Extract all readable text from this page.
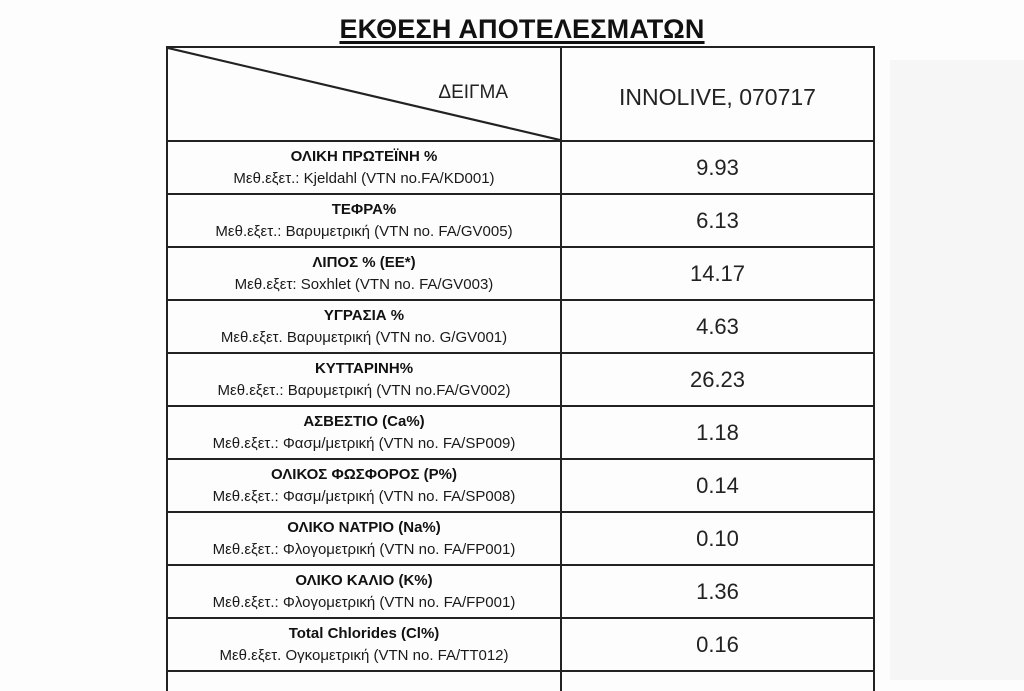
ΕΚΘΕΣΗ ΑΠΟΤΕΛΕΣΜΑΤΩΝ
ΔΕΙΓΜΑ	INNOLIVE, 070717

ΟΛΙΚΗ ΠΡΩΤΕΪΝΗ %
Μεθ.εξετ.: Kjeldahl (VTN no.FA/KD001)	9.93

ΤΕΦΡΑ%
Μεθ.εξετ.: Βαρυμετρική (VTN no. FA/GV005)	6.13

ΛΙΠΟΣ % (ΕΕ*)
Μεθ.εξετ: Soxhlet (VTN no. FA/GV003)	14.17

ΥΓΡΑΣΙΑ %
Μεθ.εξετ. Βαρυμετρική (VTN no. G/GV001)	4.63

ΚΥΤΤΑΡΙΝΗ%
Μεθ.εξετ.: Βαρυμετρική (VTN no.FA/GV002)	26.23

ΑΣΒΕΣΤΙΟ (Ca%)
Μεθ.εξετ.: Φασμ/μετρική (VTN no. FA/SP009)	1.18

ΟΛΙΚΟΣ ΦΩΣΦΟΡΟΣ (Ρ%)
Μεθ.εξετ.: Φασμ/μετρική (VTN no. FA/SP008)	0.14

ΟΛΙΚΟ ΝΑΤΡΙΟ (Na%)
Μεθ.εξετ.: Φλογομετρική (VTN no. FA/FP001)	0.10

ΟΛΙΚΟ ΚΑΛΙΟ (K%)
Μεθ.εξετ.: Φλογομετρική (VTN no. FA/FP001)	1.36

Total Chlorides (Cl%)
Μεθ.εξετ. Ογκομετρική (VTN no. FA/TT012)	0.16
